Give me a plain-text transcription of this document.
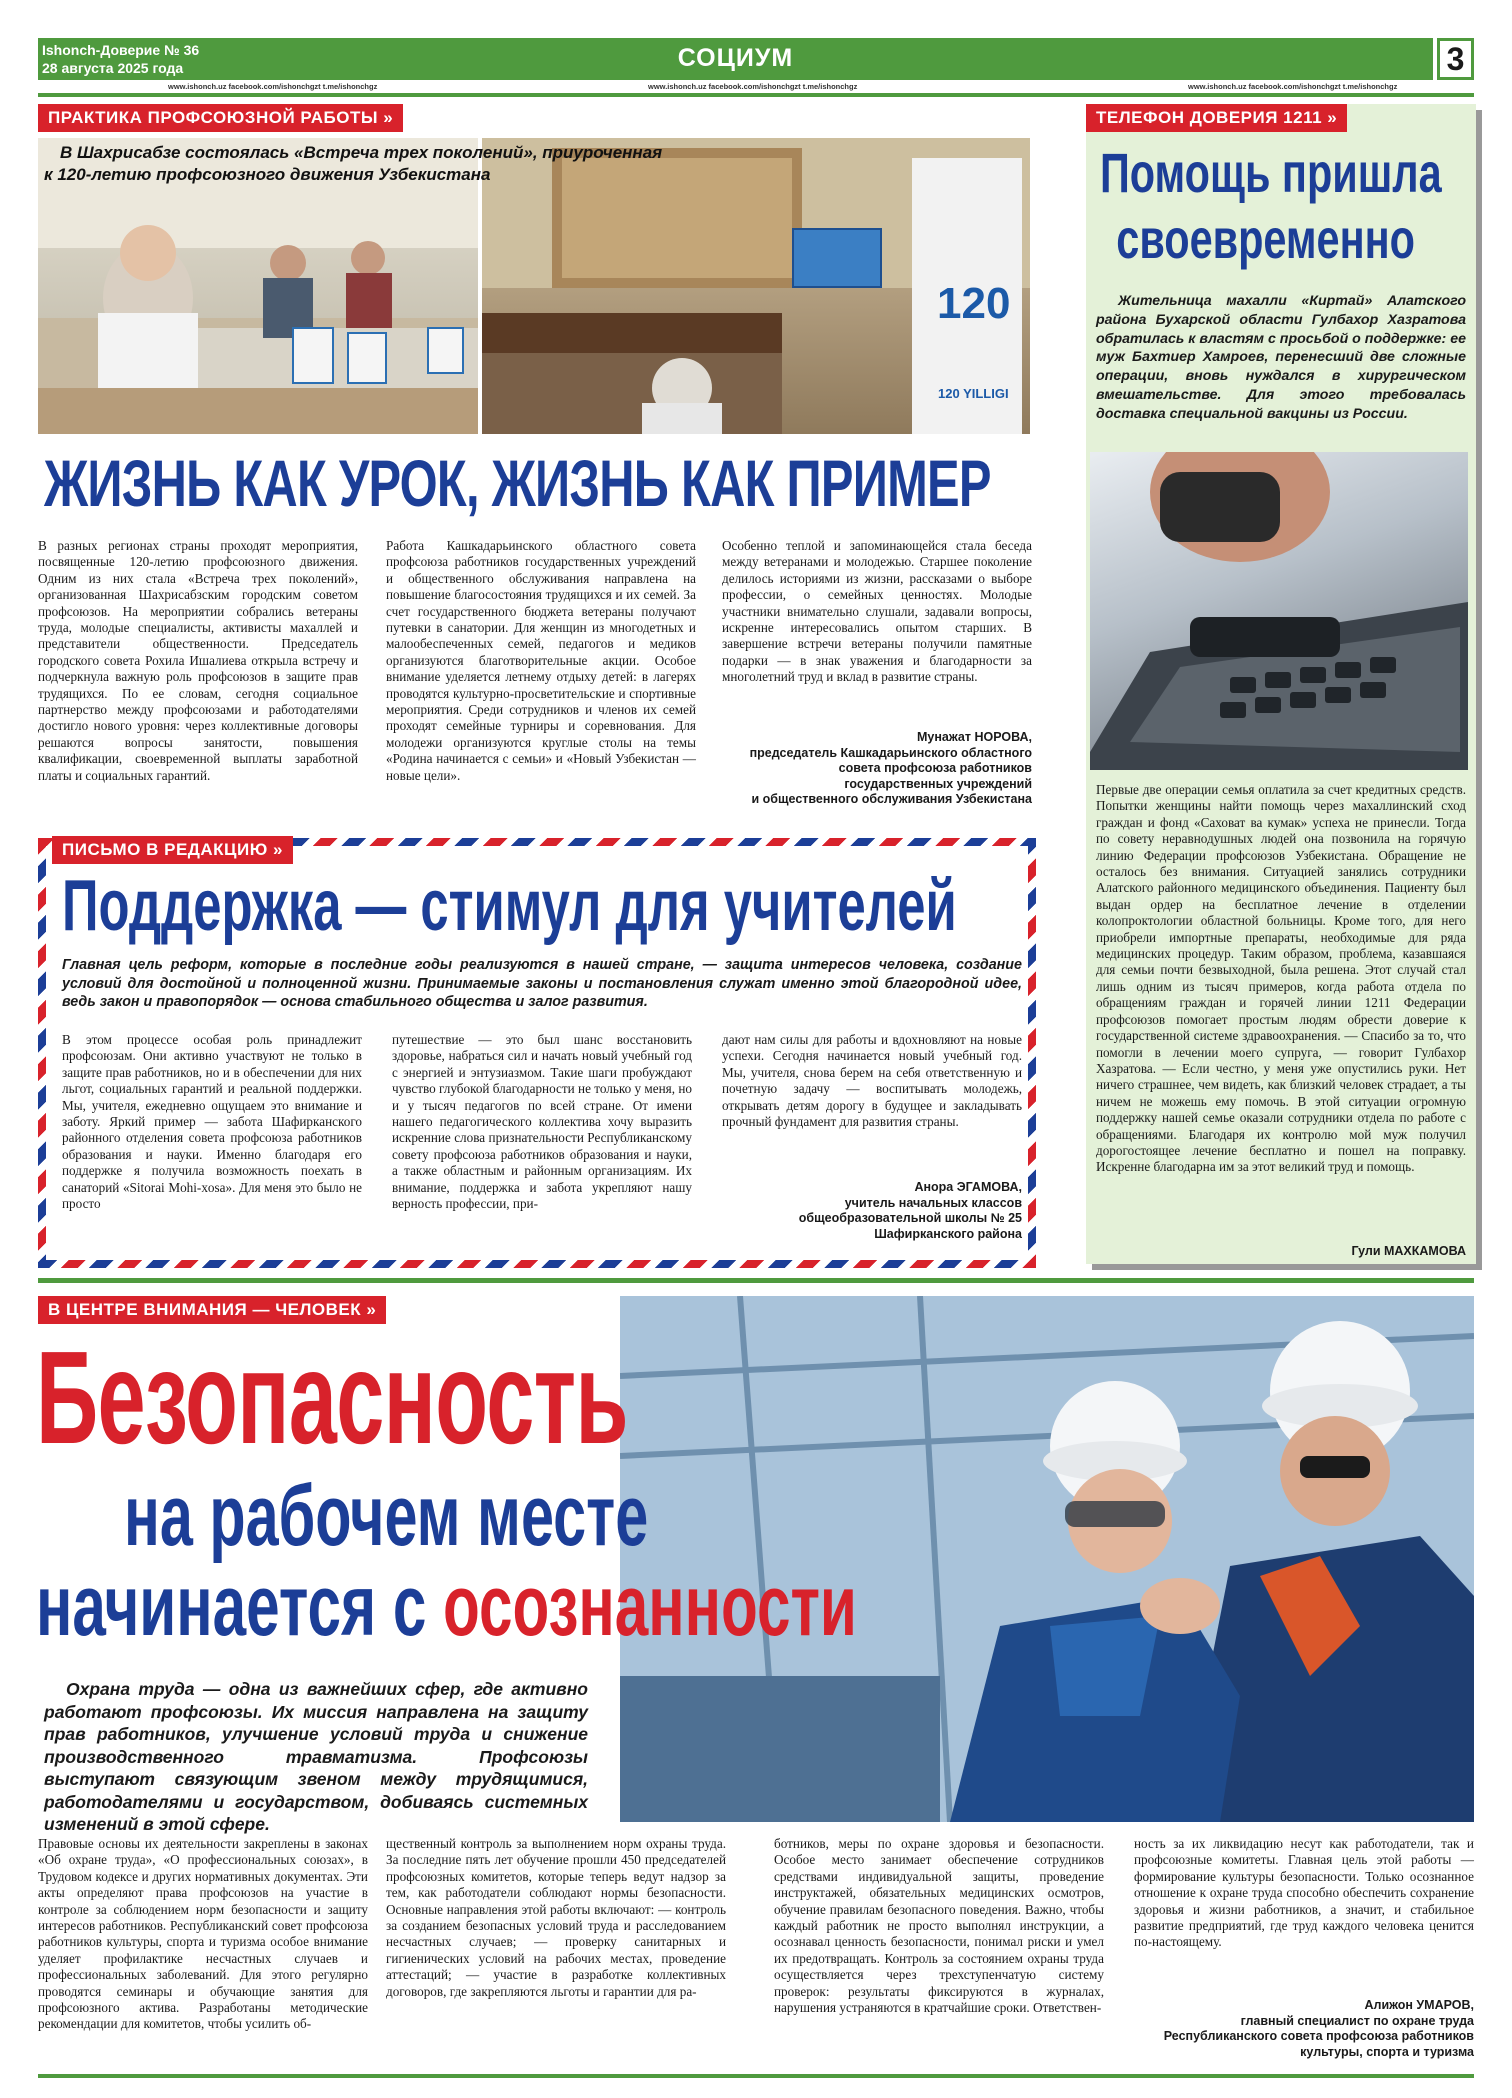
Ishonch-Доверие № 36
28 августа 2025 года	СОЦИУМ	3
www.ishonch.uz facebook.com/ishonchgzt t.me/ishonchgz	www.ishonch.uz facebook.com/ishonchgzt t.me/ishonchgz	www.ishonch.uz facebook.com/ishonchgzt t.me/ishonchgz
ПРАКТИКА ПРОФСОЮЗНОЙ РАБОТЫ »
120
120 YILLIGI
В Шахрисабзе состоялась «Встреча трех поколений», приуроченная
к 120-летию профсоюзного движения Узбекистана
ЖИЗНЬ КАК УРОК, ЖИЗНЬ КАК ПРИМЕР
В разных регионах страны проходят мероприятия, посвященные 120-летию профсоюзного движения. Одним из них стала «Встреча трех поколений», организованная Шахрисабзским городским советом профсоюзов. На мероприятии собрались ветераны труда, молодые специалисты, активисты махаллей и представители общественности. Председатель городского совета Рохила Ишалиева открыла встречу и подчеркнула важную роль профсоюзов в защите прав трудящихся. По ее словам, сегодня социальное партнерство между профсоюзами и работодателями достигло нового уровня: через коллективные договоры решаются вопросы занятости, повышения квалификации, своевременной выплаты заработной платы и социальных гарантий.
Работа Кашкадарьинского областного совета профсоюза работников государственных учреждений и общественного обслуживания направлена на повышение благосостояния трудящихся и их семей. За счет государственного бюджета ветераны получают путевки в санатории. Для женщин из многодетных и малообеспеченных семей, педагогов и медиков организуются благотворительные акции. Особое внимание уделяется летнему отдыху детей: в лагерях проводятся культурно-просветительские и спортивные мероприятия. Среди сотрудников и членов их семей проходят семейные турниры и соревнования. Для молодежи организуются круглые столы на темы «Родина начинается с семьи» и «Новый Узбекистан — новые цели».
Особенно теплой и запоминающейся стала беседа между ветеранами и молодежью. Старшее поколение делилось историями из жизни, рассказами о выборе профессии, о семейных ценностях. Молодые участники внимательно слушали, задавали вопросы, искренне интересовались опытом старших. В завершение встречи ветераны получили памятные подарки — в знак уважения и благодарности за многолетний труд и вклад в развитие страны.
Мунажат НОРОВА,
председатель Кашкадарьинского областного
совета профсоюза работников
государственных учреждений
и общественного обслуживания Узбекистана
ПИСЬМО В РЕДАКЦИЮ »
Поддержка — стимул для учителей
Главная цель реформ, которые в последние годы реализуются в нашей стране, — защита интересов человека, создание условий для достойной и полноценной жизни. Принимаемые законы и постановления служат именно этой благородной идее, ведь закон и правопорядок — основа стабильного общества и залог развития.
В этом процессе особая роль принадлежит профсоюзам. Они активно участвуют не только в защите прав работников, но и в обеспечении для них льгот, социальных гарантий и реальной поддержки. Мы, учителя, ежедневно ощущаем это внимание и заботу. Яркий пример — забота Шафирканского районного отделения совета профсоюза работников образования и науки. Именно благодаря его поддержке я получила возможность поехать в санаторий «Sitorai Mohi-xosa». Для меня это было не просто
путешествие — это был шанс восстановить здоровье, набраться сил и начать новый учебный год с энергией и энтузиазмом. Такие шаги пробуждают чувство глубокой благодарности не только у меня, но и у тысяч педагогов по всей стране. От имени нашего педагогического коллектива хочу выразить искренние слова признательности Республиканскому совету профсоюза работников образования и науки, а также областным и районным организациям. Их внимание, поддержка и забота укрепляют нашу верность профессии, при-
дают нам силы для работы и вдохновляют на новые успехи. Сегодня начинается новый учебный год. Мы, учителя, снова берем на себя ответственную и почетную задачу — воспитывать молодежь, открывать детям дорогу в будущее и закладывать прочный фундамент для развития страны.
Анора ЭГАМОВА,
учитель начальных классов
общеобразовательной школы № 25
Шафирканского района
ТЕЛЕФОН ДОВЕРИЯ 1211 »
Помощь пришла
своевременно
Жительница махалли «Киртай» Алатского района Бухарской области Гулбахор Хазратова обратилась к властям с просьбой о поддержке: ее муж Бахтиер Хамроев, перенесший две сложные операции, вновь нуждался в хирургическом вмешательстве. Для этого требовалась доставка специальной вакцины из России.
Первые две операции семья оплатила за счет кредитных средств. Попытки женщины найти помощь через махаллинский сход граждан и фонд «Саховат ва кумак» успеха не принесли. Тогда по совету неравнодушных людей она позвонила на горячую линию Федерации профсоюзов Узбекистана. Обращение не осталось без внимания. Ситуацией занялись сотрудники Алатского районного медицинского объединения. Пациенту был выдан ордер на бесплатное лечение в отделении колопроктологии областной больницы. Кроме того, для него приобрели импортные препараты, необходимые для ряда медицинских процедур. Таким образом, проблема, казавшаяся для семьи почти безвыходной, была решена. Этот случай стал лишь одним из тысяч примеров, когда работа отдела по обращениям граждан и горячей линии 1211 Федерации профсоюзов помогает простым людям обрести доверие к государственной системе здравоохранения. — Спасибо за то, что помогли в лечении моего супруга, — говорит Гулбахор Хазратова. — Если честно, у меня уже опустились руки. Нет ничего страшнее, чем видеть, как близкий человек страдает, а ты ничем не можешь ему помочь. В этой ситуации огромную поддержку нашей семье оказали сотрудники отдела по работе с обращениями. Благодаря их контролю мой муж получил дорогостоящее лечение бесплатно и пошел на поправку. Искренне благодарна им за этот великий труд и помощь.
Гули МАХКАМОВА
В ЦЕНТРЕ ВНИМАНИЯ — ЧЕЛОВЕК »
Безопасность
на рабочем месте
начинается с осознанности
Охрана труда — одна из важнейших сфер, где активно работают профсоюзы. Их миссия направлена на защиту прав работников, улучшение условий труда и снижение производственного травматизма. Профсоюзы выступают связующим звеном между трудящимися, работодателями и государством, добиваясь системных изменений в этой сфере.
Правовые основы их деятельности закреплены в законах «Об охране труда», «О профессиональных союзах», в Трудовом кодексе и других нормативных документах. Эти акты определяют права профсоюзов на участие в контроле за соблюдением норм безопасности и защиту интересов работников. Республиканский совет профсоюза работников культуры, спорта и туризма особое внимание уделяет профилактике несчастных случаев и профессиональных заболеваний. Для этого регулярно проводятся семинары и обучающие занятия для профсоюзного актива. Разработаны методические рекомендации для комитетов, чтобы усилить об-
щественный контроль за выполнением норм охраны труда. За последние пять лет обучение прошли 450 председателей профсоюзных комитетов, которые теперь ведут надзор за тем, как работодатели соблюдают нормы безопасности. Основные направления этой работы включают: — контроль за созданием безопасных условий труда и расследованием несчастных случаев; — проверку санитарных и гигиенических условий на рабочих местах, проведение аттестаций; — участие в разработке коллективных договоров, где закрепляются льготы и гарантии для ра-
ботников, меры по охране здоровья и безопасности. Особое место занимает обеспечение сотрудников средствами индивидуальной защиты, проведение инструктажей, обязательных медицинских осмотров, обучение правилам безопасного поведения. Важно, чтобы каждый работник не просто выполнял инструкции, а осознавал ценность безопасности, понимал риски и умел их предотвращать. Контроль за состоянием охраны труда осуществляется через трехступенчатую систему проверок: результаты фиксируются в журналах, нарушения устраняются в кратчайшие сроки. Ответствен-
ность за их ликвидацию несут как работодатели, так и профсоюзные комитеты. Главная цель этой работы — формирование культуры безопасности. Только осознанное отношение к охране труда способно обеспечить сохранение здоровья и жизни работников, а значит, и стабильное развитие предприятий, где труд каждого человека ценится по-настоящему.
Алижон УМАРОВ,
главный специалист по охране труда
Республиканского совета профсоюза работников
культуры, спорта и туризма
